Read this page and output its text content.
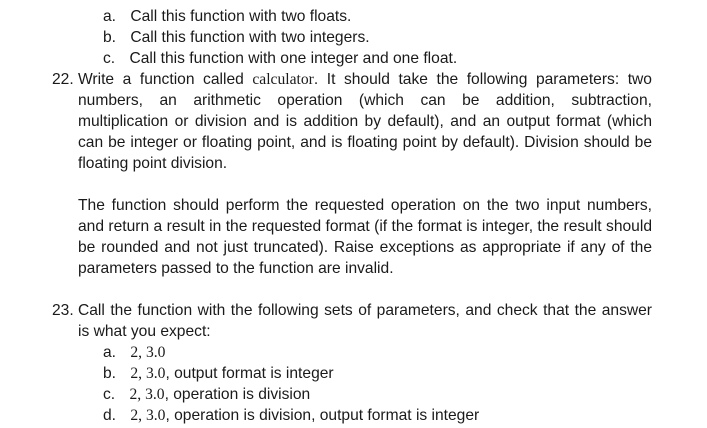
a. Call this function with two floats.
b. Call this function with two integers.
c. Call this function with one integer and one float.
22. Write a function called calculator. It should take the following parameters: two
numbers, an arithmetic operation (which can be addition, subtraction,
multiplication or division and is addition by default), and an output format (which
can be integer or floating point, and is floating point by default). Division should be
floating point division.
The function should perform the requested operation on the two input numbers,
and return a result in the requested format (if the format is integer, the result should
be rounded and not just truncated). Raise exceptions as appropriate if any of the
parameters passed to the function are invalid.
23. Call the function with the following sets of parameters, and check that the answer
is what you expect:
a. 2, 3.0
b. 2, 3.0, output format is integer
c. 2, 3.0, operation is division
d. 2, 3.0, operation is division, output format is integer
